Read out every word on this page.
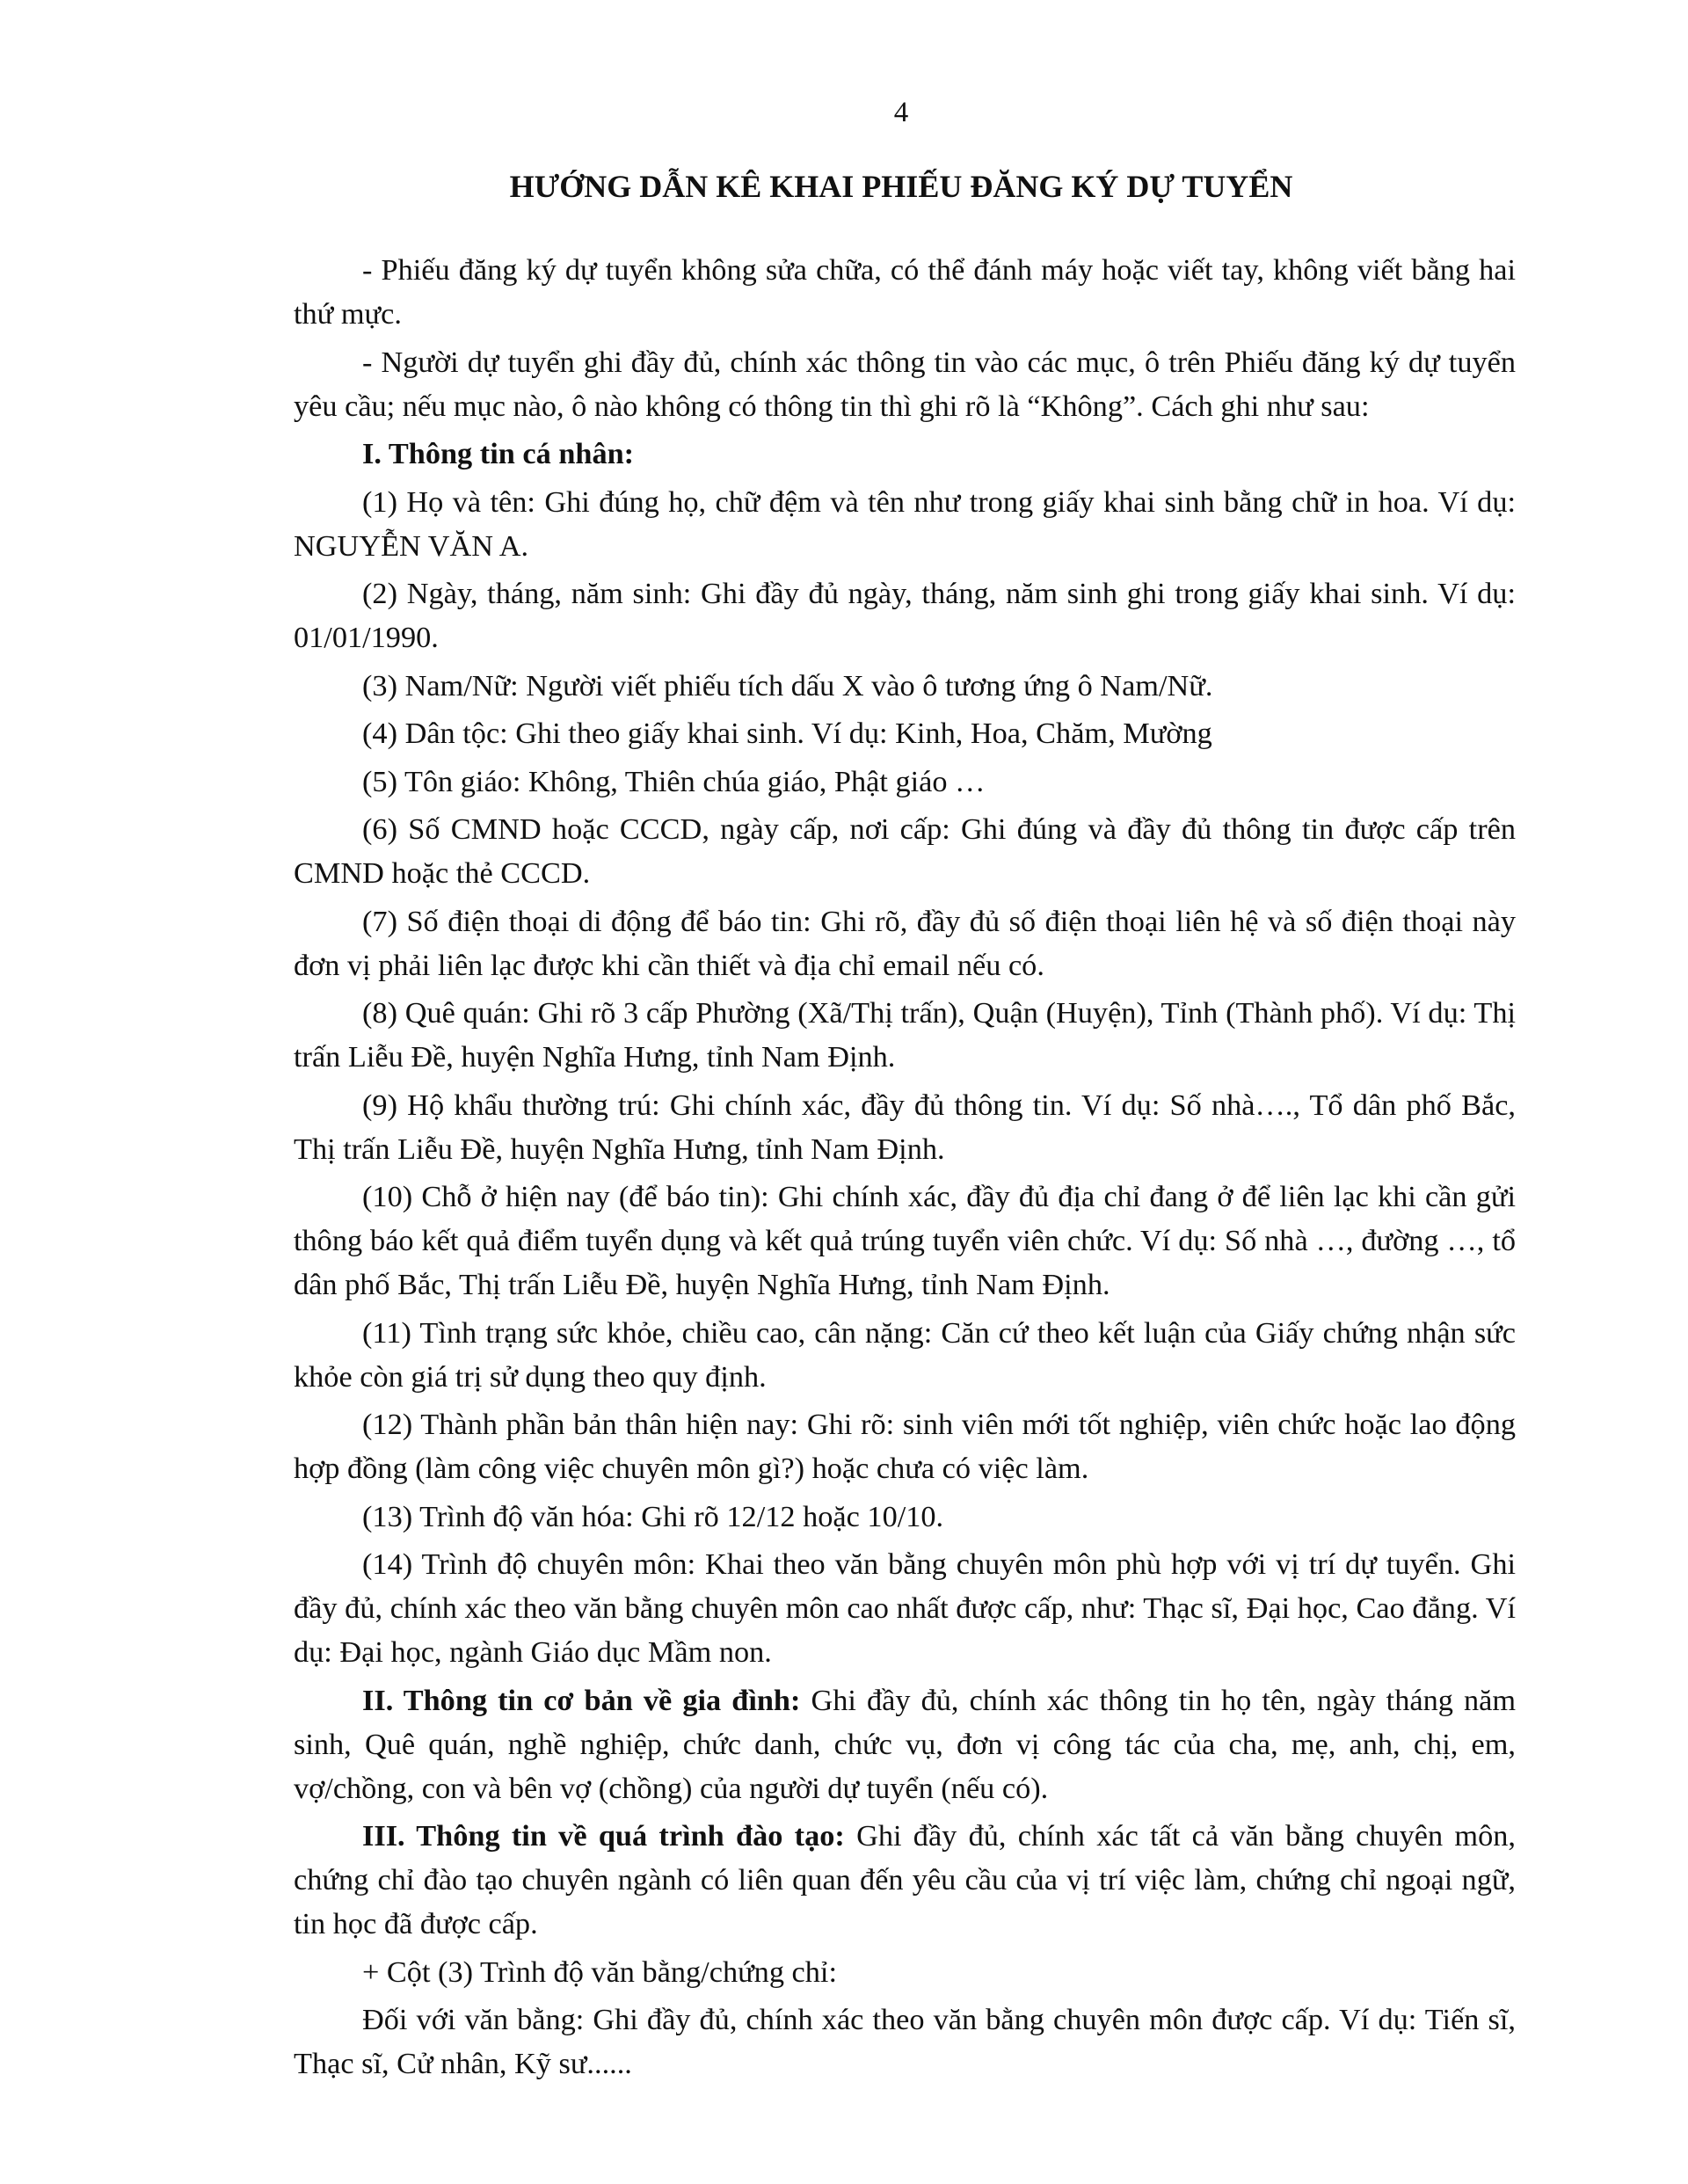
4
HƯỚNG DẪN KÊ KHAI PHIẾU ĐĂNG KÝ DỰ TUYỂN

- Phiếu đăng ký dự tuyển không sửa chữa, có thể đánh máy hoặc viết tay, không viết bằng hai thứ mực.

- Người dự tuyển ghi đầy đủ, chính xác thông tin vào các mục, ô trên Phiếu đăng ký dự tuyển yêu cầu; nếu mục nào, ô nào không có thông tin thì ghi rõ là “Không”. Cách ghi như sau:

I. Thông tin cá nhân:

(1) Họ và tên: Ghi đúng họ, chữ đệm và tên như trong giấy khai sinh bằng chữ in hoa. Ví dụ: NGUYỄN VĂN A.

(2) Ngày, tháng, năm sinh: Ghi đầy đủ ngày, tháng, năm sinh ghi trong giấy khai sinh. Ví dụ: 01/01/1990.

(3) Nam/Nữ: Người viết phiếu tích dấu X vào ô tương ứng ô Nam/Nữ.

(4) Dân tộc: Ghi theo giấy khai sinh. Ví dụ: Kinh, Hoa, Chăm, Mường

(5) Tôn giáo: Không, Thiên chúa giáo, Phật giáo …

(6) Số CMND hoặc CCCD, ngày cấp, nơi cấp: Ghi đúng và đầy đủ thông tin được cấp trên CMND hoặc thẻ CCCD.

(7) Số điện thoại di động để báo tin: Ghi rõ, đầy đủ số điện thoại liên hệ và số điện thoại này đơn vị phải liên lạc được khi cần thiết và địa chỉ email nếu có.

(8) Quê quán: Ghi rõ 3 cấp Phường (Xã/Thị trấn), Quận (Huyện), Tỉnh (Thành phố). Ví dụ: Thị trấn Liễu Đề, huyện Nghĩa Hưng, tỉnh Nam Định.

(9) Hộ khẩu thường trú: Ghi chính xác, đầy đủ thông tin. Ví dụ: Số nhà…., Tổ dân phố Bắc, Thị trấn Liễu Đề, huyện Nghĩa Hưng, tỉnh Nam Định.

(10) Chỗ ở hiện nay (để báo tin): Ghi chính xác, đầy đủ địa chỉ đang ở để liên lạc khi cần gửi thông báo kết quả điểm tuyển dụng và kết quả trúng tuyển viên chức. Ví dụ: Số nhà …, đường …, tổ dân phố Bắc, Thị trấn Liễu Đề, huyện Nghĩa Hưng, tỉnh Nam Định.

(11) Tình trạng sức khỏe, chiều cao, cân nặng: Căn cứ theo kết luận của Giấy chứng nhận sức khỏe còn giá trị sử dụng theo quy định.

(12) Thành phần bản thân hiện nay: Ghi rõ: sinh viên mới tốt nghiệp, viên chức hoặc lao động hợp đồng (làm công việc chuyên môn gì?) hoặc chưa có việc làm.

(13) Trình độ văn hóa: Ghi rõ 12/12 hoặc 10/10.

(14) Trình độ chuyên môn: Khai theo văn bằng chuyên môn phù hợp với vị trí dự tuyển. Ghi đầy đủ, chính xác theo văn bằng chuyên môn cao nhất được cấp, như: Thạc sĩ, Đại học, Cao đẳng. Ví dụ: Đại học, ngành Giáo dục Mầm non.

II. Thông tin cơ bản về gia đình: Ghi đầy đủ, chính xác thông tin họ tên, ngày tháng năm sinh, Quê quán, nghề nghiệp, chức danh, chức vụ, đơn vị công tác của cha, mẹ, anh, chị, em, vợ/chồng, con và bên vợ (chồng) của người dự tuyển (nếu có).

III. Thông tin về quá trình đào tạo: Ghi đầy đủ, chính xác tất cả văn bằng chuyên môn, chứng chỉ đào tạo chuyên ngành có liên quan đến yêu cầu của vị trí việc làm, chứng chỉ ngoại ngữ, tin học đã được cấp.

+ Cột (3) Trình độ văn bằng/chứng chỉ:

Đối với văn bằng: Ghi đầy đủ, chính xác theo văn bằng chuyên môn được cấp. Ví dụ: Tiến sĩ, Thạc sĩ, Cử nhân, Kỹ sư......
